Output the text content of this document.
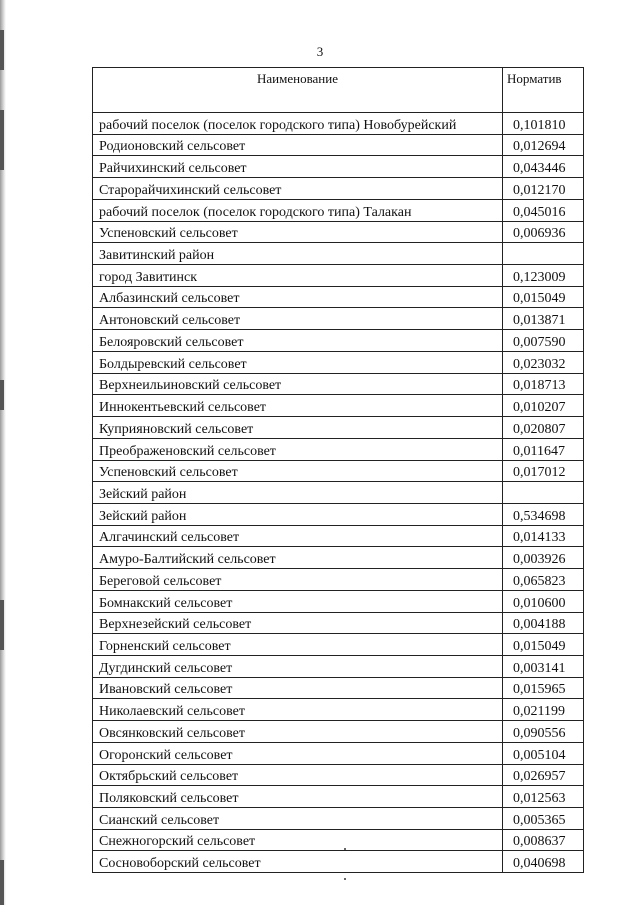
3
Наименование	Норматив
рабочий поселок (поселок городского типа) Новобурейский	0,101810
Родионовский сельсовет	0,012694
Райчихинский сельсовет	0,043446
Старорайчихинский сельсовет	0,012170
рабочий поселок (поселок городского типа) Талакан	0,045016
Успеновский сельсовет	0,006936
Завитинский район	
город Завитинск	0,123009
Албазинский сельсовет	0,015049
Антоновский сельсовет	0,013871
Белояровский сельсовет	0,007590
Болдыревский сельсовет	0,023032
Верхнеильиновский сельсовет	0,018713
Иннокентьевский сельсовет	0,010207
Куприяновский сельсовет	0,020807
Преображеновский сельсовет	0,011647
Успеновский сельсовет	0,017012
Зейский район	
Зейский район	0,534698
Алгачинский сельсовет	0,014133
Амуро-Балтийский сельсовет	0,003926
Береговой сельсовет	0,065823
Бомнакский сельсовет	0,010600
Верхнезейский сельсовет	0,004188
Горненский сельсовет	0,015049
Дугдинский сельсовет	0,003141
Ивановский сельсовет	0,015965
Николаевский сельсовет	0,021199
Овсянковский сельсовет	0,090556
Огоронский сельсовет	0,005104
Октябрьский сельсовет	0,026957
Поляковский сельсовет	0,012563
Сианский сельсовет	0,005365
Снежногорский сельсовет	0,008637
Сосновоборский сельсовет	0,040698
